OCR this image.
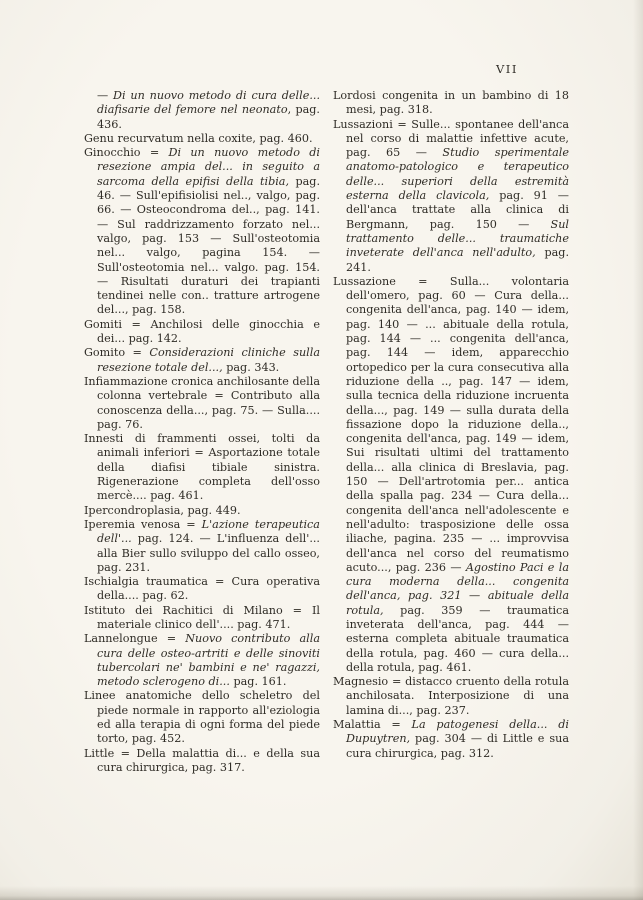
VII

— Di un nuovo metodo di cura delle... diafisarie del femore nel neonato, pag. 436.

Genu recurvatum nella coxite, pag. 460.

Ginocchio = Di un nuovo metodo di resezione ampia del... in seguito a sarcoma della epifisi della tibia, pag. 46. — Sull'epifisiolisi nel.., valgo, pag. 66. — Osteocondroma del.., pag. 141. — Sul raddrizzamento forzato nel... valgo, pag. 153 — Sull'osteotomia nel... valgo, pagina 154. — Sull'osteotomia nel... valgo. pag. 154. — Risultati duraturi dei trapianti tendinei nelle con.. tratture artrogene del..., pag. 158.

Gomiti = Anchilosi delle ginocchia e dei... pag. 142.

Gomito = Considerazioni cliniche sulla resezione totale del..., pag. 343.

Infiammazione cronica anchilosante della colonna vertebrale = Contributo alla conoscenza della..., pag. 75. — Sulla.... pag. 76.

Innesti di frammenti ossei, tolti da animali inferiori = Asportazione totale della diafisi tibiale sinistra. Rigenerazione completa dell'osso mercè.... pag. 461.

Ipercondroplasia, pag. 449.

Iperemia venosa = L'azione terapeutica dell'... pag. 124. — L'influenza dell'... alla Bier sullo sviluppo del callo osseo, pag. 231.

Ischialgia traumatica = Cura operativa della.... pag. 62.

Istituto dei Rachitici di Milano = Il materiale clinico dell'.... pag. 471.

Lannelongue = Nuovo contributo alla cura delle osteo-artriti e delle sinoviti tubercolari ne' bambini e ne' ragazzi, metodo sclerogeno di... pag. 161.

Linee anatomiche dello scheletro del piede normale in rapporto all'eziologia ed alla terapia di ogni forma del piede torto, pag. 452.

Little = Della malattia di... e della sua cura chirurgica, pag. 317.

Lordosi congenita in un bambino di 18 mesi, pag. 318.

Lussazioni = Sulle... spontanee dell'anca nel corso di malattie infettive acute, pag. 65 — Studio sperimentale anatomo-patologico e terapeutico delle... superiori della estremità esterna della clavicola, pag. 91 — dell'anca trattate alla clinica di Bergmann, pag. 150 — Sul trattamento delle... traumatiche inveterate dell'anca nell'adulto, pag. 241.

Lussazione = Sulla... volontaria dell'omero, pag. 60 — Cura della... congenita dell'anca, pag. 140 — idem, pag. 140 — ... abituale della rotula, pag. 144 — ... congenita dell'anca, pag. 144 — idem, apparecchio ortopedico per la cura consecutiva alla riduzione della .., pag. 147 — idem, sulla tecnica della riduzione incruenta della..., pag. 149 — sulla durata della fissazione dopo la riduzione della.., congenita dell'anca, pag. 149 — idem, Sui risultati ultimi del trattamento della... alla clinica di Breslavia, pag. 150 — Dell'artrotomia per... antica della spalla pag. 234 — Cura della... congenita dell'anca nell'adolescente e nell'adulto: trasposizione delle ossa iliache, pagina. 235 — ... improvvisa dell'anca nel corso del reumatismo acuto..., pag. 236 — Agostino Paci e la cura moderna della... congenita dell'anca, pag. 321 — abituale della rotula, pag. 359 — traumatica inveterata dell'anca, pag. 444 — esterna completa abituale traumatica della rotula, pag. 460 — cura della... della rotula, pag. 461.

Magnesio = distacco cruento della rotula anchilosata. Interposizione di una lamina di..., pag. 237.

Malattia = La patogenesi della... di Dupuytren, pag. 304 — di Little e sua cura chirurgica, pag. 312.
